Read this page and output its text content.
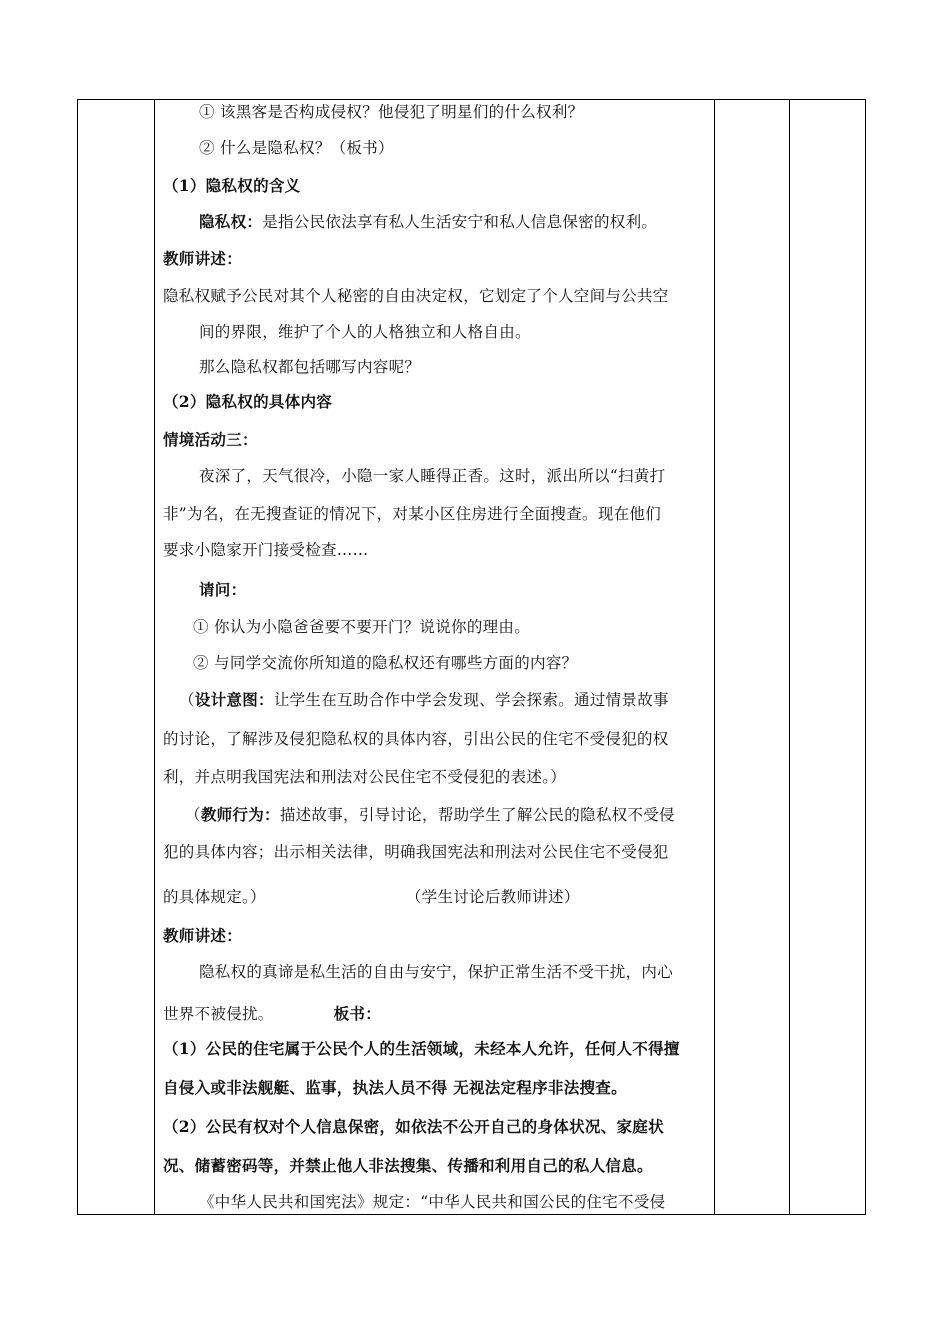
① 该黑客是否构成侵权？他侵犯了明星们的什么权利？
② 什么是隐私权？（板书）
（1）隐私权的含义
隐私权：是指公民依法享有私人生活安宁和私人信息保密的权利。
教师讲述：
隐私权赋予公民对其个人秘密的自由决定权，它划定了个人空间与公共空
间的界限，维护了个人的人格独立和人格自由。
那么隐私权都包括哪写内容呢？
（2）隐私权的具体内容
情境活动三：
夜深了，天气很冷，小隐一家人睡得正香。这时，派出所以“扫黄打
非”为名，在无搜查证的情况下，对某小区住房进行全面搜查。现在他们
要求小隐家开门接受检查……
请问：
① 你认为小隐爸爸要不要开门？说说你的理由。
② 与同学交流你所知道的隐私权还有哪些方面的内容？
（设计意图：让学生在互助合作中学会发现、学会探索。通过情景故事
的讨论，了解涉及侵犯隐私权的具体内容，引出公民的住宅不受侵犯的权
利，并点明我国宪法和刑法对公民住宅不受侵犯的表述。）
（教师行为：描述故事，引导讨论，帮助学生了解公民的隐私权不受侵
犯的具体内容；出示相关法律，明确我国宪法和刑法对公民住宅不受侵犯
的具体规定。）	（学生讨论后教师讲述）
教师讲述：
隐私权的真谛是私生活的自由与安宁，保护正常生活不受干扰，内心
世界不被侵扰。	板书：
（1）公民的住宅属于公民个人的生活领域，未经本人允许，任何人不得擅
自侵入或非法舰艇、监事，执法人员不得 无视法定程序非法搜查。
（2）公民有权对个人信息保密，如依法不公开自己的身体状况、家庭状
况、储蓄密码等，并禁止他人非法搜集、传播和利用自己的私人信息。
《中华人民共和国宪法》规定：“中华人民共和国公民的住宅不受侵
